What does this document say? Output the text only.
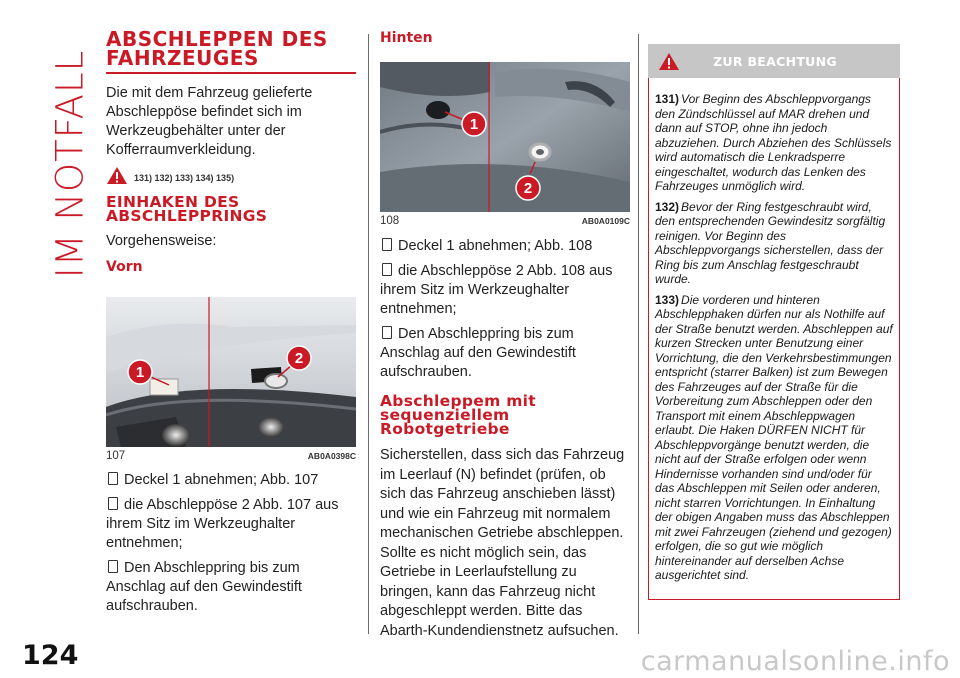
IM NOTFALL
124	carmanualsonline.info
ABSCHLEPPEN DES FAHRZEUGES
Die mit dem Fahrzeug gelieferte Abschleppöse befindet sich im Werkzeugbehälter unter der Kofferraumverkleidung.
131) 132) 133) 134) 135)
EINHAKEN DES ABSCHLEPPRINGS
Vorgehensweise:
Vorn
1
2
107	AB0A0398C
Deckel 1 abnehmen; Abb. 107
die Abschleppöse 2 Abb. 107 aus ihrem Sitz im Werkzeughalter entnehmen;
Den Abschleppring bis zum Anschlag auf den Gewindestift aufschrauben.
Hinten
1
2
108	AB0A0109C
Deckel 1 abnehmen; Abb. 108
die Abschleppöse 2 Abb. 108 aus ihrem Sitz im Werkzeughalter entnehmen;
Den Abschleppring bis zum Anschlag auf den Gewindestift aufschrauben.
Abschleppem mit sequenziellem Robotgetriebe
Sicherstellen, dass sich das Fahrzeug im Leerlauf (N) befindet (prüfen, ob sich das Fahrzeug anschieben lässt) und wie ein Fahrzeug mit normalem mechanischen Getriebe abschleppen. Sollte es nicht möglich sein, das Getriebe in Leerlaufstellung zu bringen, kann das Fahrzeug nicht abgeschleppt werden. Bitte das Abarth-Kundendienstnetz aufsuchen.
ZUR BEACHTUNG

131) Vor Beginn des Abschleppvorgangs den Zündschlüssel auf MAR drehen und dann auf STOP, ohne ihn jedoch abzuziehen. Durch Abziehen des Schlüssels wird automatisch die Lenkradsperre eingeschaltet, wodurch das Lenken des Fahrzeuges unmöglich wird.

132) Bevor der Ring festgeschraubt wird, den entsprechenden Gewindesitz sorgfältig reinigen. Vor Beginn des Abschleppvorgangs sicherstellen, dass der Ring bis zum Anschlag festgeschraubt wurde.

133) Die vorderen und hinteren Abschlepphaken dürfen nur als Nothilfe auf der Straße benutzt werden. Abschleppen auf kurzen Strecken unter Benutzung einer Vorrichtung, die den Verkehrsbestimmungen entspricht (starrer Balken) ist zum Bewegen des Fahrzeuges auf der Straße für die Vorbereitung zum Abschleppen oder den Transport mit einem Abschleppwagen erlaubt. Die Haken DÜRFEN NICHT für Abschleppvorgänge benutzt werden, die nicht auf der Straße erfolgen oder wenn Hindernisse vorhanden sind und/oder für das Abschleppen mit Seilen oder anderen, nicht starren Vorrichtungen. In Einhaltung der obigen Angaben muss das Abschleppen mit zwei Fahrzeugen (ziehend und gezogen) erfolgen, die so gut wie möglich hintereinander auf derselben Achse ausgerichtet sind.
